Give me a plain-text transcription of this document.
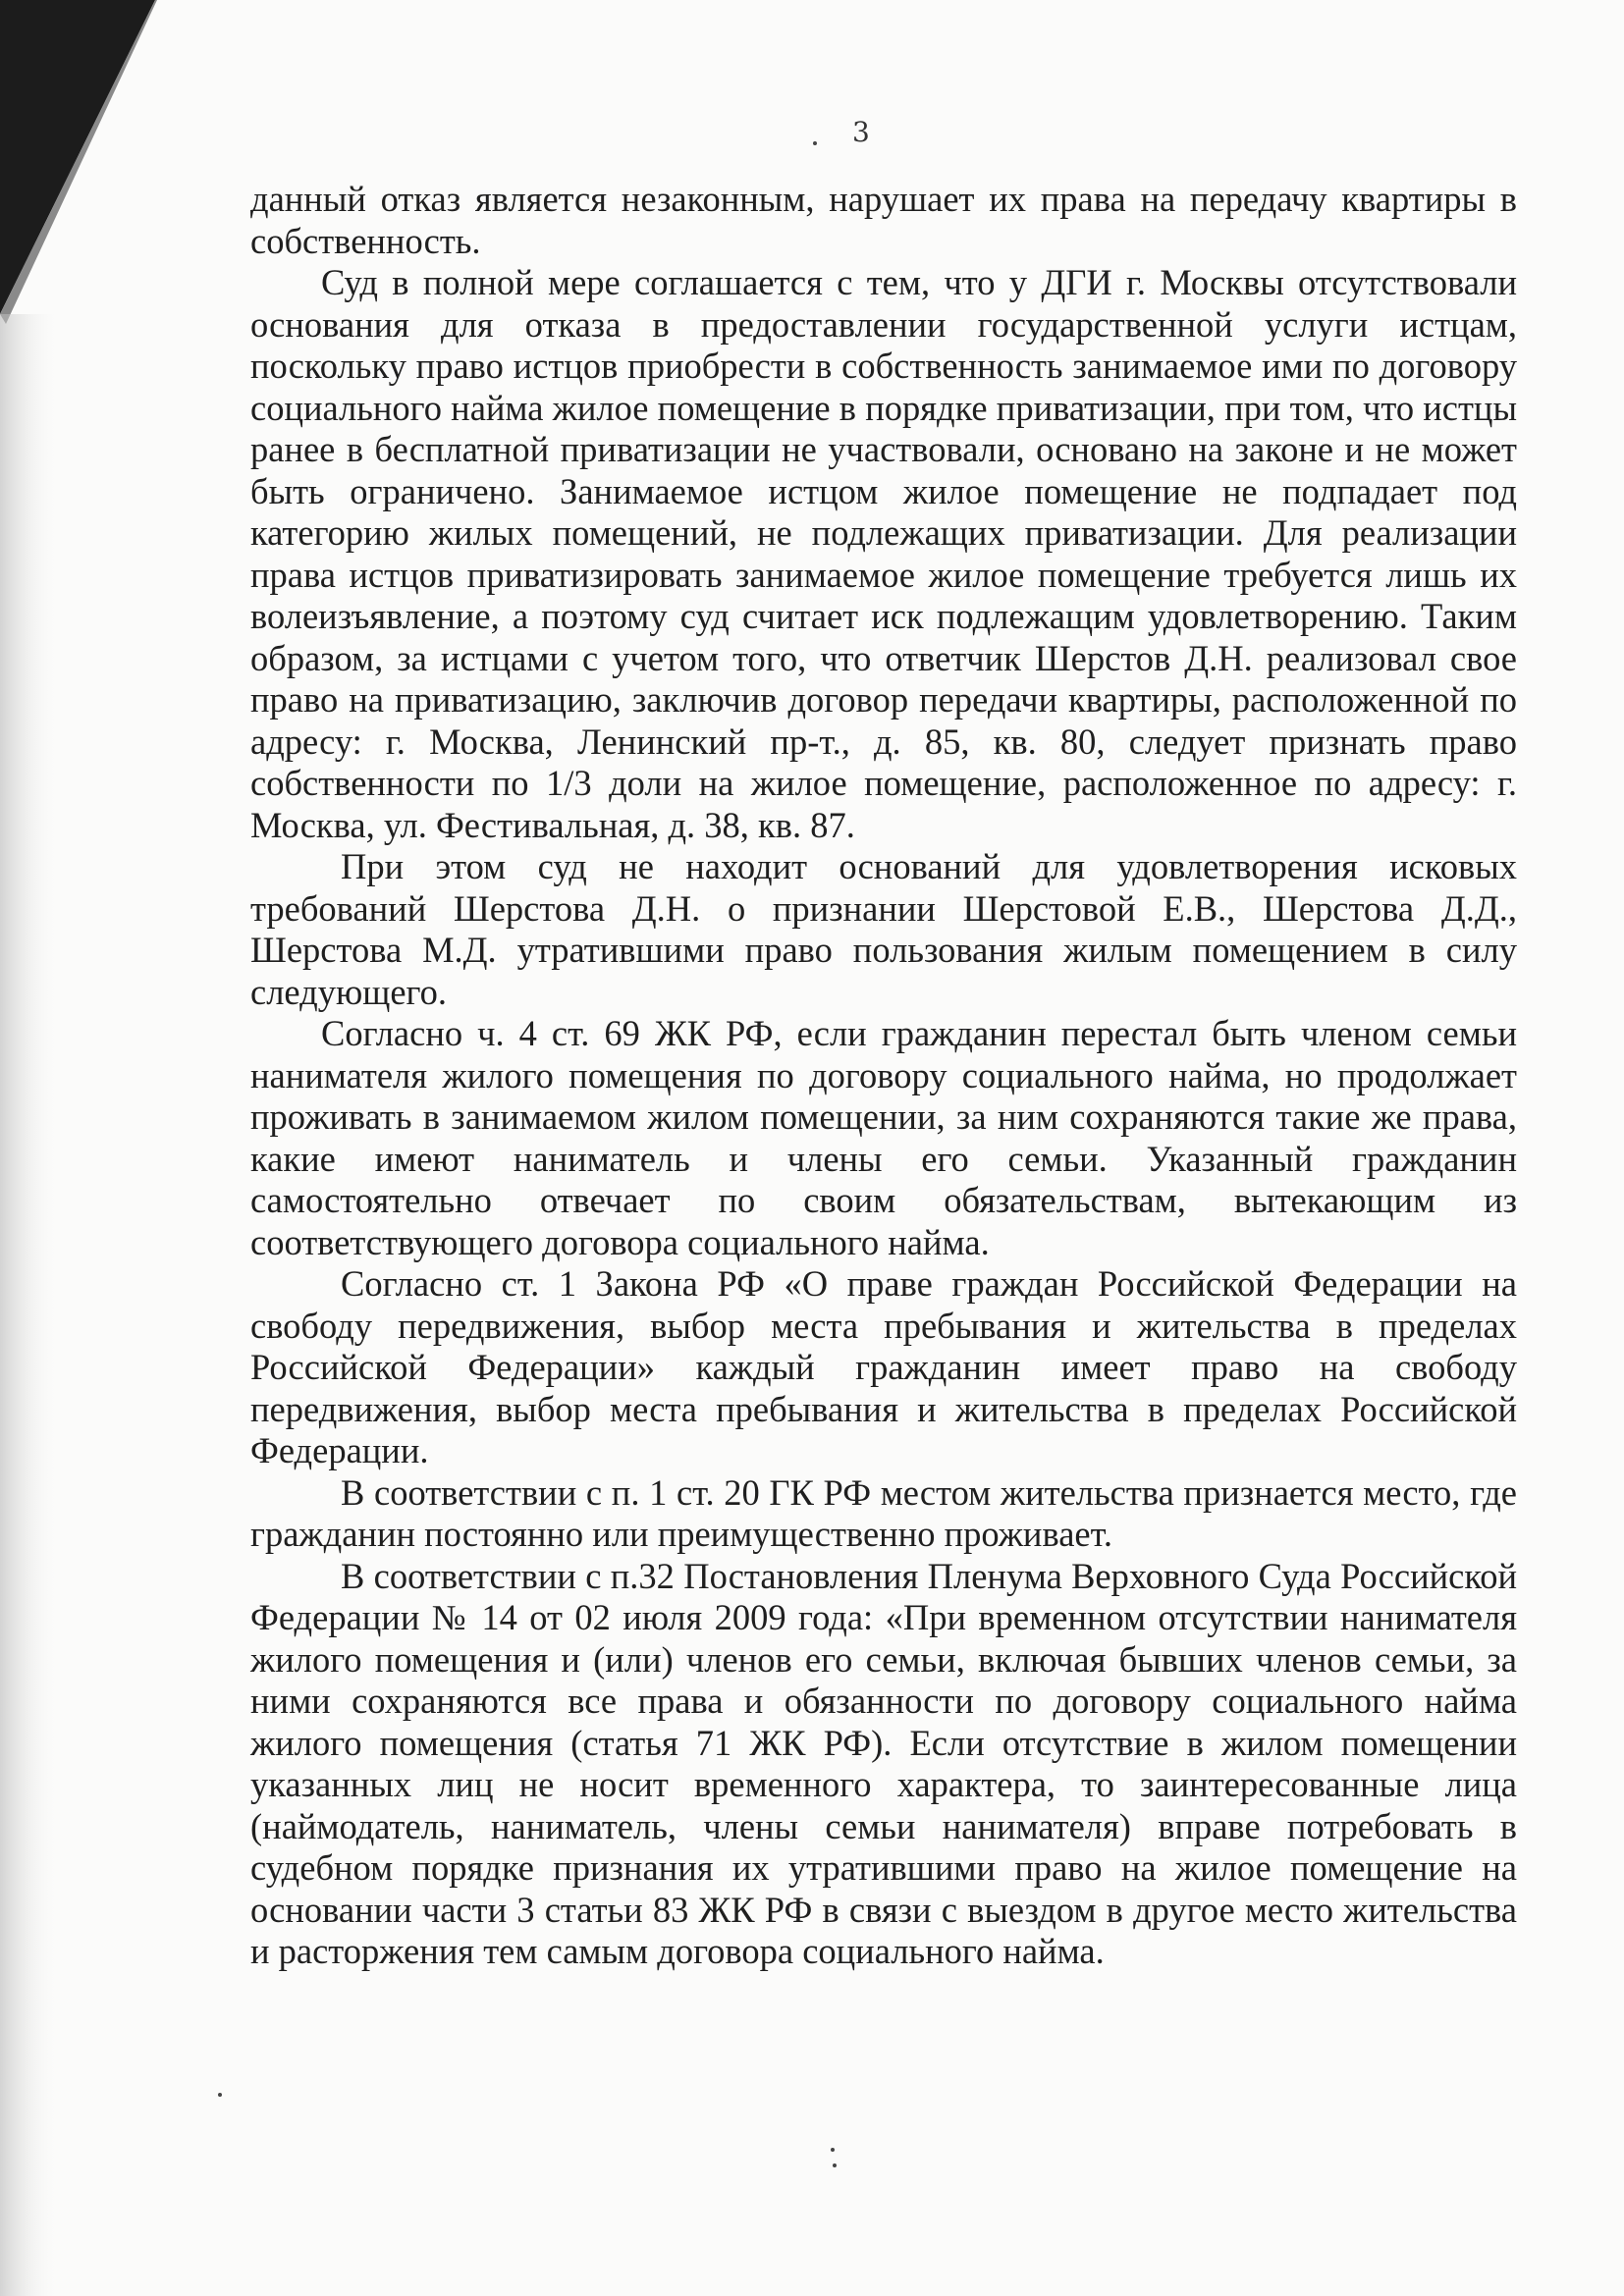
3

данный отказ является незаконным, нарушает их права на передачу квартиры в собственность.

Суд в полной мере соглашается с тем, что у ДГИ г. Москвы отсутствовали основания для отказа в предоставлении государственной услуги истцам, поскольку право истцов приобрести в собственность занимаемое ими по договору социального найма жилое помещение в порядке приватизации, при том, что истцы ранее в бесплатной приватизации не участвовали, основано на законе и не может быть ограничено. Занимаемое истцом жилое помещение не подпадает под категорию жилых помещений, не подлежащих приватизации. Для реализации права истцов приватизировать занимаемое жилое помещение требуется лишь их волеизъявление, а поэтому суд считает иск подлежащим удовлетворению. Таким образом, за истцами с учетом того, что ответчик Шерстов Д.Н. реализовал свое право на приватизацию, заключив договор передачи квартиры, расположенной по адресу: г. Москва, Ленинский пр-т., д. 85, кв. 80, следует признать право собственности по 1/3 доли на жилое помещение, расположенное по адресу: г. Москва, ул. Фестивальная, д. 38, кв. 87.

При этом суд не находит оснований для удовлетворения исковых требований Шерстова Д.Н. о признании Шерстовой Е.В., Шерстова Д.Д., Шерстова М.Д. утратившими право пользования жилым помещением в силу следующего.

Согласно ч. 4 ст. 69 ЖК РФ, если гражданин перестал быть членом семьи нанимателя жилого помещения по договору социального найма, но продолжает проживать в занимаемом жилом помещении, за ним сохраняются такие же права, какие имеют наниматель и члены его семьи. Указанный гражданин самостоятельно отвечает по своим обязательствам, вытекающим из соответствующего договора социального найма.

Согласно ст. 1 Закона РФ «О праве граждан Российской Федерации на свободу передвижения, выбор места пребывания и жительства в пределах Российской Федерации» каждый гражданин имеет право на свободу передвижения, выбор места пребывания и жительства в пределах Российской Федерации.

В соответствии с п. 1 ст. 20 ГК РФ местом жительства признается место, где гражданин постоянно или преимущественно проживает.

В соответствии с п.32 Постановления Пленума Верховного Суда Российской Федерации № 14 от 02 июля 2009 года: «При временном отсутствии нанимателя жилого помещения и (или) членов его семьи, включая бывших членов семьи, за ними сохраняются все права и обязанности по договору социального найма жилого помещения (статья 71 ЖК РФ). Если отсутствие в жилом помещении указанных лиц не носит временного характера, то заинтересованные лица (наймодатель, наниматель, члены семьи нанимателя) вправе потребовать в судебном порядке признания их утратившими право на жилое помещение на основании части 3 статьи 83 ЖК РФ в связи с выездом в другое место жительства и расторжения тем самым договора социального найма.
